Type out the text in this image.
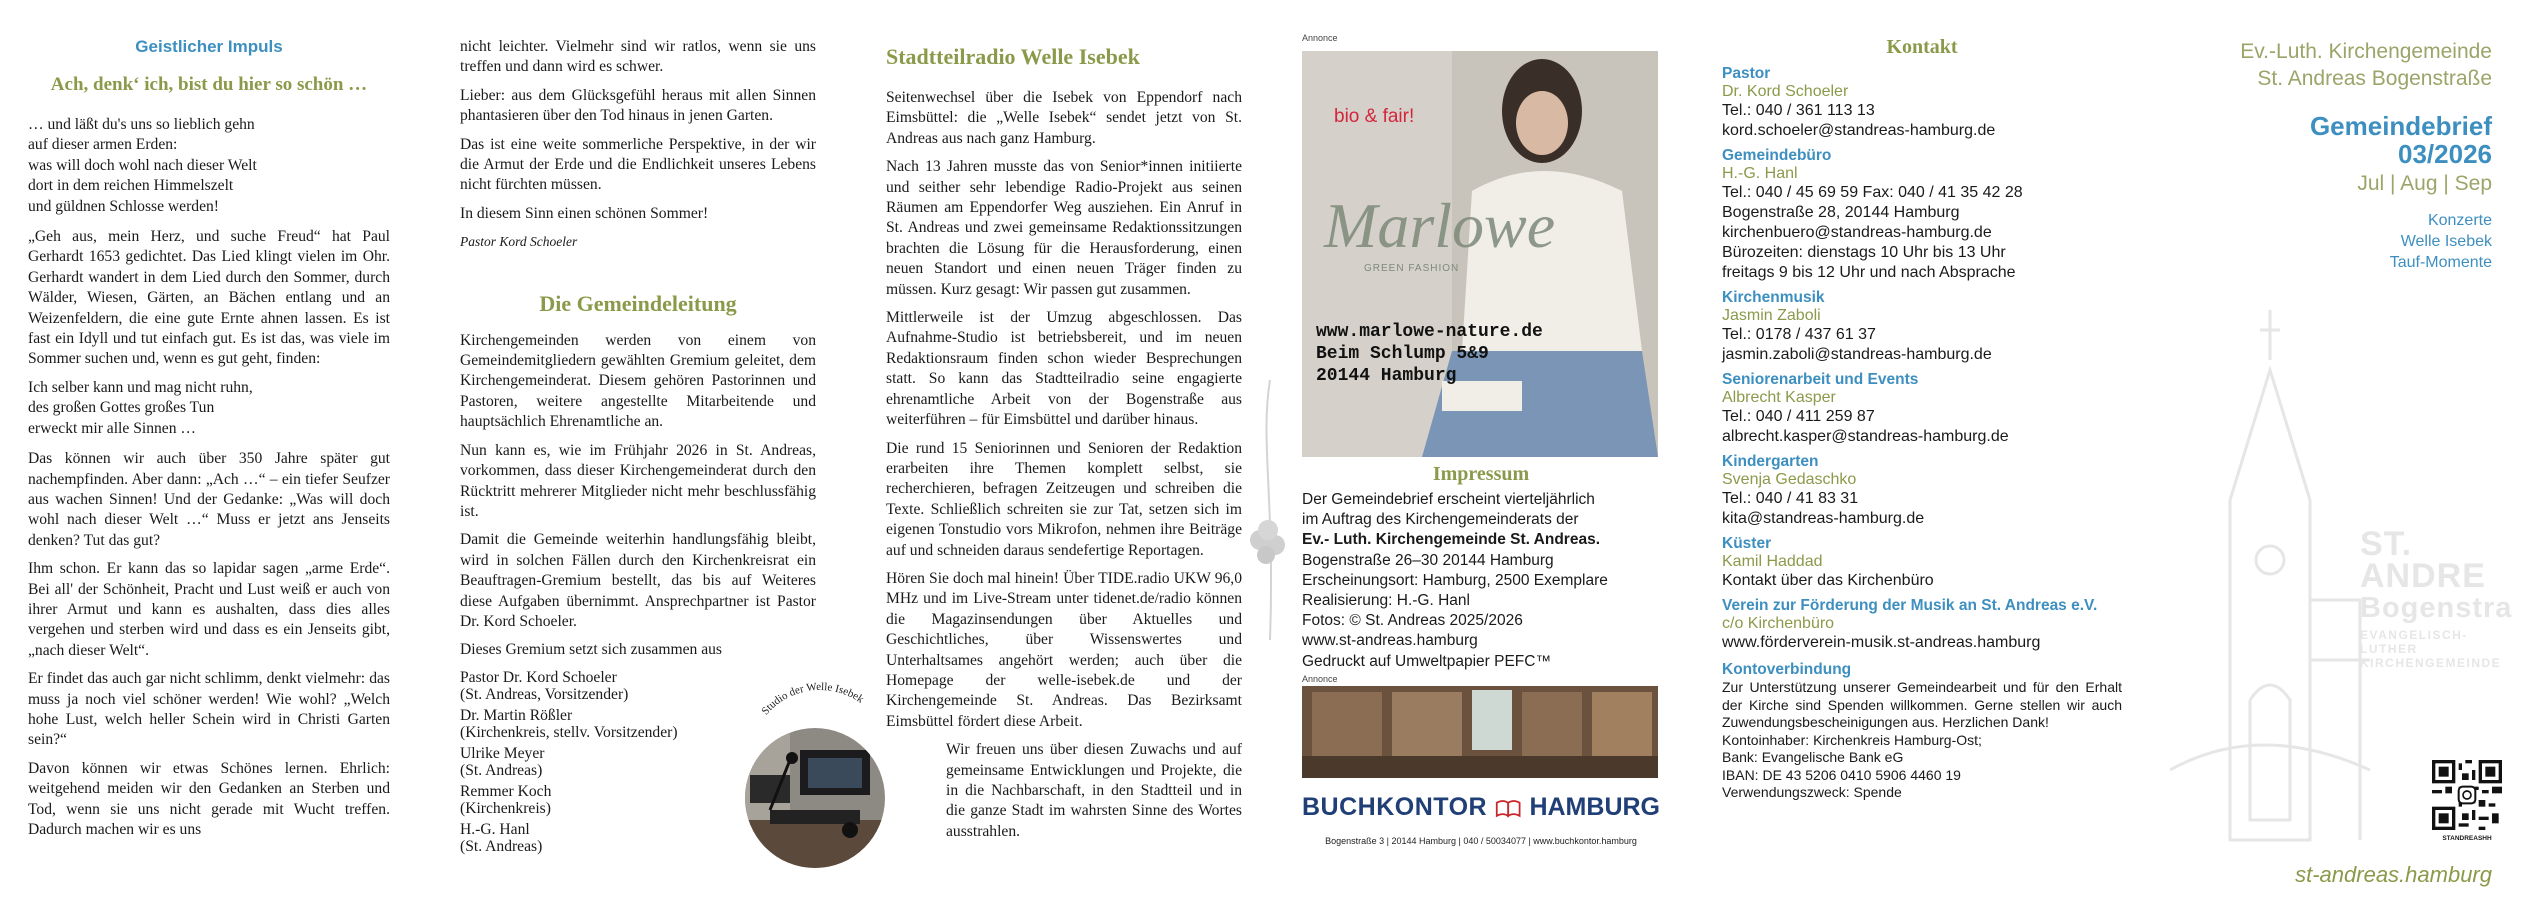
Geistlicher Impuls
Ach, denk‘ ich, bist du hier so schön …

… und läßt du's uns so lieblich gehn

auf dieser armen Erden:

was will doch wohl nach dieser Welt

dort in dem reichen Himmelszelt

und güldnen Schlosse werden!

„Geh aus, mein Herz, und suche Freud“ hat Paul Gerhardt 1653 gedichtet. Das Lied klingt vielen im Ohr. Gerhardt wandert in dem Lied durch den Sommer, durch Wälder, Wiesen, Gärten, an Bächen entlang und an Weizenfeldern, die eine gute Ernte ahnen lassen. Es ist fast ein Idyll und tut einfach gut. Es ist das, was viele im Sommer suchen und, wenn es gut geht, finden:

Ich selber kann und mag nicht ruhn,

des großen Gottes großes Tun

erweckt mir alle Sinnen …

Das können wir auch über 350 Jahre später gut nachempfinden. Aber dann: „Ach …“ – ein tiefer Seufzer aus wachen Sinnen! Und der Gedanke: „Was will doch wohl nach dieser Welt …“ Muss er jetzt ans Jenseits denken? Tut das gut?

Ihm schon. Er kann das so lapidar sagen „arme Erde“. Bei all' der Schönheit, Pracht und Lust weiß er auch von ihrer Armut und kann es aushalten, dass dies alles vergehen und sterben wird und dass es ein Jenseits gibt, „nach dieser Welt“.

Er findet das auch gar nicht schlimm, denkt vielmehr: das muss ja noch viel schöner werden! Wie wohl? „Welch hohe Lust, welch heller Schein wird in Christi Garten sein?“

Davon können wir etwas Schönes lernen. Ehrlich: weitgehend meiden wir den Gedanken an Sterben und Tod, wenn sie uns nicht gerade mit Wucht treffen. Dadurch machen wir es uns

nicht leichter. Vielmehr sind wir ratlos, wenn sie uns treffen und dann wird es schwer.

Lieber: aus dem Glücksgefühl heraus mit allen Sinnen phantasieren über den Tod hinaus in jenen Garten.

Das ist eine weite sommerliche Perspektive, in der wir die Armut der Erde und die Endlichkeit unseres Lebens nicht fürchten müssen.

In diesem Sinn einen schönen Sommer!

Pastor Kord Schoeler

Die Gemeindeleitung

Kirchengemeinden werden von einem von Gemeindemitgliedern gewählten Gremium geleitet, dem Kirchengemeinderat. Diesem gehören Pastorinnen und Pastoren, weitere angestellte Mitarbeitende und hauptsächlich Ehrenamtliche an.

Nun kann es, wie im Frühjahr 2026 in St. Andreas, vorkommen, dass dieser Kirchengemeinderat durch den Rücktritt mehrerer Mitglieder nicht mehr beschlussfähig ist.

Damit die Gemeinde weiterhin handlungsfähig bleibt, wird in solchen Fällen durch den Kirchenkreisrat ein Beauftragen-Gremium bestellt, das bis auf Weiteres diese Aufgaben übernimmt. Ansprechpartner ist Pastor Dr. Kord Schoeler.

Dieses Gremium setzt sich zusammen aus

Pastor Dr. Kord Schoeler
(St. Andreas, Vorsitzender)
Dr. Martin Rößler
(Kirchenkreis, stellv. Vorsitzender)
Ulrike Meyer
(St. Andreas)
Remmer Koch
(Kirchenkreis)
H.-G. Hanl
(St. Andreas)
Studio der Welle Isebek
Stadtteilradio Welle Isebek

Seitenwechsel über die Isebek von Eppendorf nach Eimsbüttel: die „Welle Isebek“ sendet jetzt von St. Andreas aus nach ganz Hamburg.

Nach 13 Jahren musste das von Senior*innen initiierte und seither sehr lebendige Radio-Projekt aus seinen Räumen am Eppendorfer Weg ausziehen. Ein Anruf in St. Andreas und zwei gemeinsame Redaktionssitzungen brachten die Lösung für die Herausforderung, einen neuen Standort und einen neuen Träger finden zu müssen. Kurz gesagt: Wir passen gut zusammen.

Mittlerweile ist der Umzug abgeschlossen. Das Aufnahme-Studio ist betriebsbereit, und im neuen Redaktionsraum finden schon wieder Besprechungen statt. So kann das Stadtteilradio seine engagierte ehrenamtliche Arbeit von der Bogenstraße aus weiterführen – für Eimsbüttel und darüber hinaus.

Die rund 15 Seniorinnen und Senioren der Redaktion erarbeiten ihre Themen komplett selbst, sie recherchieren, befragen Zeitzeugen und schreiben die Texte. Schließlich schreiten sie zur Tat, setzen sich im eigenen Tonstudio vors Mikrofon, nehmen ihre Beiträge auf und schneiden daraus sendefertige Reportagen.

Hören Sie doch mal hinein! Über TIDE.radio UKW 96,0 MHz und im Live-Stream unter tidenet.de/radio können die Magazinsendungen über Aktuelles und Geschichtliches, über Wissenswertes und Unterhaltsames angehört werden; auch über die Homepage der welle-isebek.de und der Kirchengemeinde St. Andreas. Das Bezirksamt Eimsbüttel fördert diese Arbeit.

Wir freuen uns über diesen Zuwachs und auf gemeinsame Entwicklungen und Projekte, die in die Nachbarschaft, in den Stadtteil und in die ganze Stadt im wahrsten Sinne des Wortes ausstrahlen.

Annonce
bio & fair!
Marlowe
GREEN FASHION
www.marlowe-nature.de
Beim Schlump 5&9
20144 Hamburg
Impressum
Der Gemeindebrief erscheint vierteljährlich
im Auftrag des Kirchengemeinderats der
Ev.- Luth. Kirchengemeinde St. Andreas.
Bogenstraße 26–30 20144 Hamburg
Erscheinungsort: Hamburg, 2500 Exemplare
Realisierung: H.-G. Hanl
Fotos: © St. Andreas 2025/2026
www.st-andreas.hamburg
Gedruckt auf Umweltpapier PEFC™
Annonce
BUCHKONTOR HAMBURG
Bogenstraße 3 | 20144 Hamburg | 040 / 50034077 | www.buchkontor.hamburg
Kontakt
Pastor
Dr. Kord Schoeler
Tel.: 040 / 361 113 13
kord.schoeler@standreas-hamburg.de
Gemeindebüro
H.-G. Hanl
Tel.: 040 / 45 69 59 Fax: 040 / 41 35 42 28
Bogenstraße 28, 20144 Hamburg
kirchenbuero@standreas-hamburg.de
Bürozeiten: dienstags 10 Uhr bis 13 Uhr
freitags 9 bis 12 Uhr und nach Absprache
Kirchenmusik
Jasmin Zaboli
Tel.: 0178 / 437 61 37
jasmin.zaboli@standreas-hamburg.de
Seniorenarbeit und Events
Albrecht Kasper
Tel.: 040 / 411 259 87
albrecht.kasper@standreas-hamburg.de
Kindergarten
Svenja Gedaschko
Tel.: 040 / 41 83 31
kita@standreas-hamburg.de
Küster
Kamil Haddad
Kontakt über das Kirchenbüro
Verein zur Förderung der Musik an St. Andreas e.V.
c/o Kirchenbüro
www.förderverein-musik.st-andreas.hamburg
Kontoverbindung
Zur Unterstützung unserer Gemeindearbeit und für den Erhalt der Kirche sind Spenden willkommen. Gerne stellen wir auch Zuwendungsbescheinigungen aus. Herzlichen Dank!
Kontoinhaber: Kirchenkreis Hamburg-Ost;
Bank: Evangelische Bank eG
IBAN: DE 43 5206 0410 5906 4460 19
Verwendungszweck: Spende
Ev.-Luth. Kirchengemeinde
St. Andreas Bogenstraße
Gemeindebrief
03/2026
Jul | Aug | Sep
Konzerte
Welle Isebek
Tauf-Momente
ST. ANDRE
Bogenstra
EVANGELISCH-LUTHER
KIRCHENGEMEINDE
STANDREASHH
st-andreas.hamburg
